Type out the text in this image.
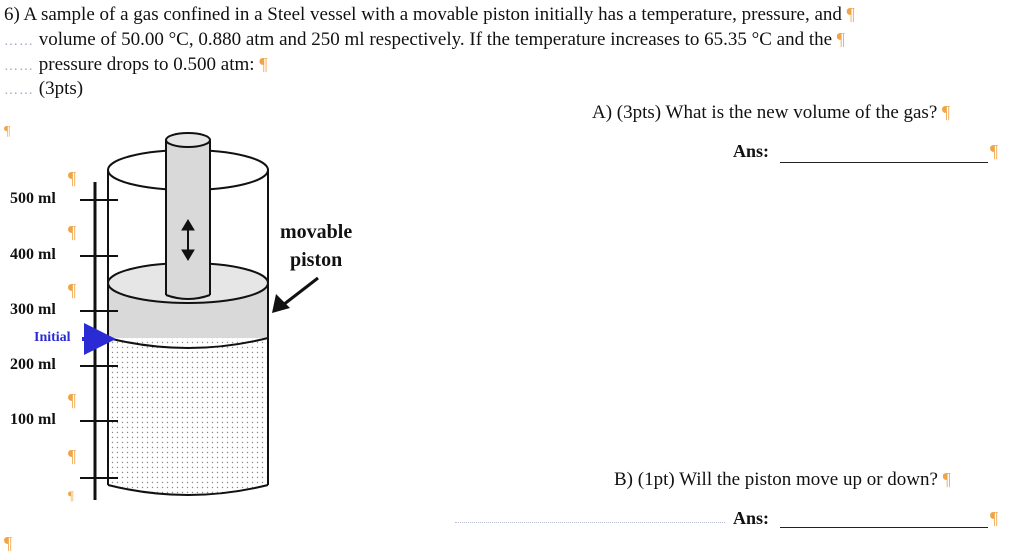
6) A sample of a gas confined in a Steel vessel with a movable piston initially has a temperature, pressure, and ¶
…… volume of 50.00 °C, 0.880 atm and 250 ml respectively. If the temperature increases to 65.35 °C and the ¶
…… pressure drops to 0.500 atm: ¶
…… (3pts)
A) (3pts) What is the new volume of the gas? ¶
Ans:	¶
B) (1pt) Will the piston move up or down? ¶
Ans:	¶
500 ml
400 ml
300 ml
200 ml
100 ml
Initial
¶
¶
¶
¶
¶
¶
¶
¶
movable
piston
